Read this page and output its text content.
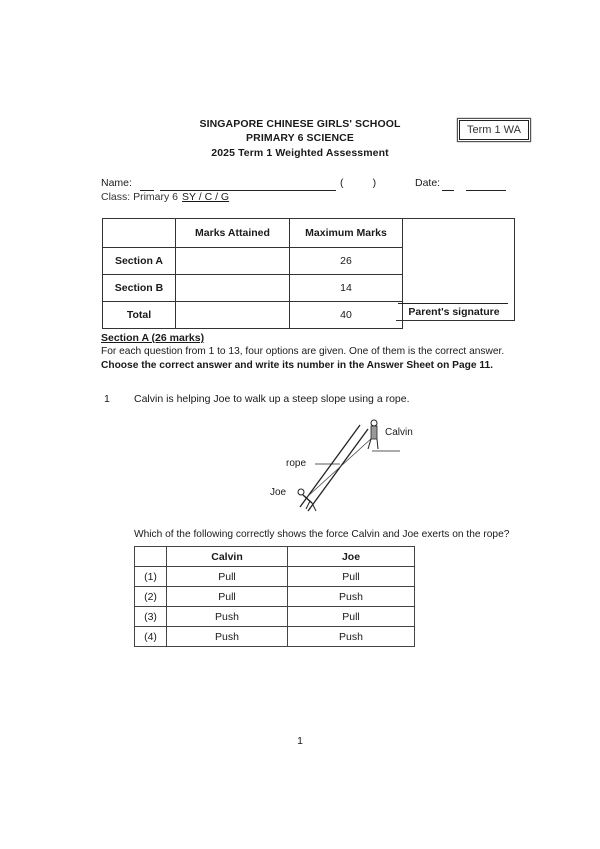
SINGAPORE CHINESE GIRLS' SCHOOL
PRIMARY 6 SCIENCE
2025 Term 1 Weighted Assessment
Term 1 WA
Name:	(          )	Date:
Class: Primary 6 SY / C / G
	Marks Attained	Maximum Marks
Section A		26
Section B		14
Total		40	Parent's signature
Section A (26 marks)
For each question from 1 to 13, four options are given. One of them is the correct answer.
Choose the correct answer and write its number in the Answer Sheet on Page 11.
1 Calvin is helping Joe to walk up a steep slope using a rope.
Calvin
rope
Joe
Which of the following correctly shows the force Calvin and Joe exerts on the rope?
	Calvin	Joe
(1)	Pull	Pull
(2)	Pull	Push
(3)	Push	Pull
(4)	Push	Push
1
